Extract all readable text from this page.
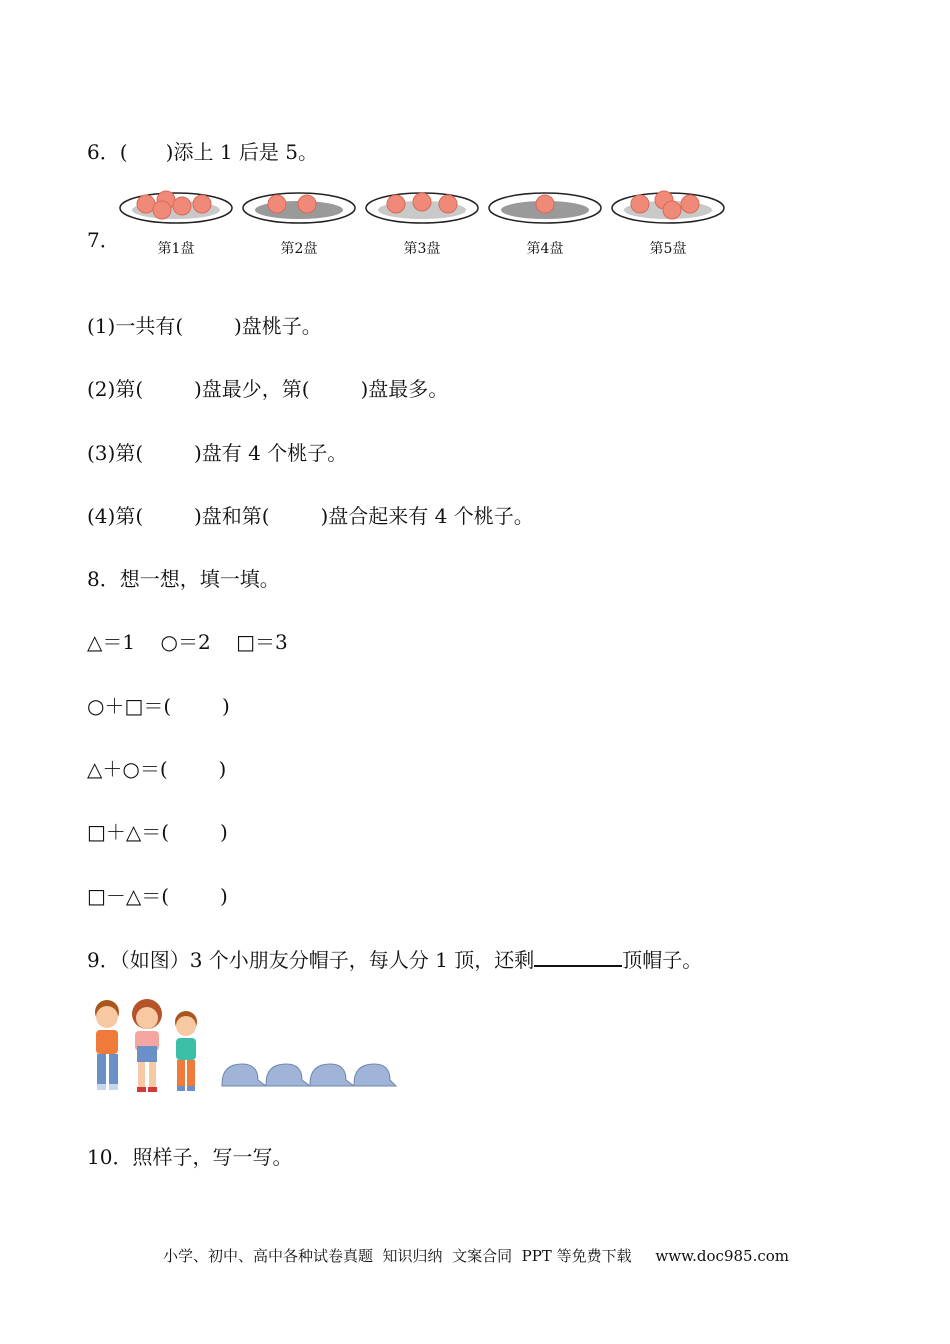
6．(      )添上 1 后是 5。
7．	第1盘	第2盘	第3盘	第4盘	第5盘
(1)一共有(        )盘桃子。
(2)第(        )盘最少，第(        )盘最多。
(3)第(        )盘有 4 个桃子。
(4)第(        )盘和第(        )盘合起来有 4 个桃子。
8．想一想，填一填。
△＝1    ○＝2    □＝3
○＋□＝(        )
△＋○＝(        )
□＋△＝(        )
□－△＝(        )
9．（如图）3 个小朋友分帽子，每人分 1 顶，还剩	顶帽子。
10．照样子，写一写。
小学、初中、高中各种试卷真题  知识归纳  文案合同  PPT 等免费下载     www.doc985.com
